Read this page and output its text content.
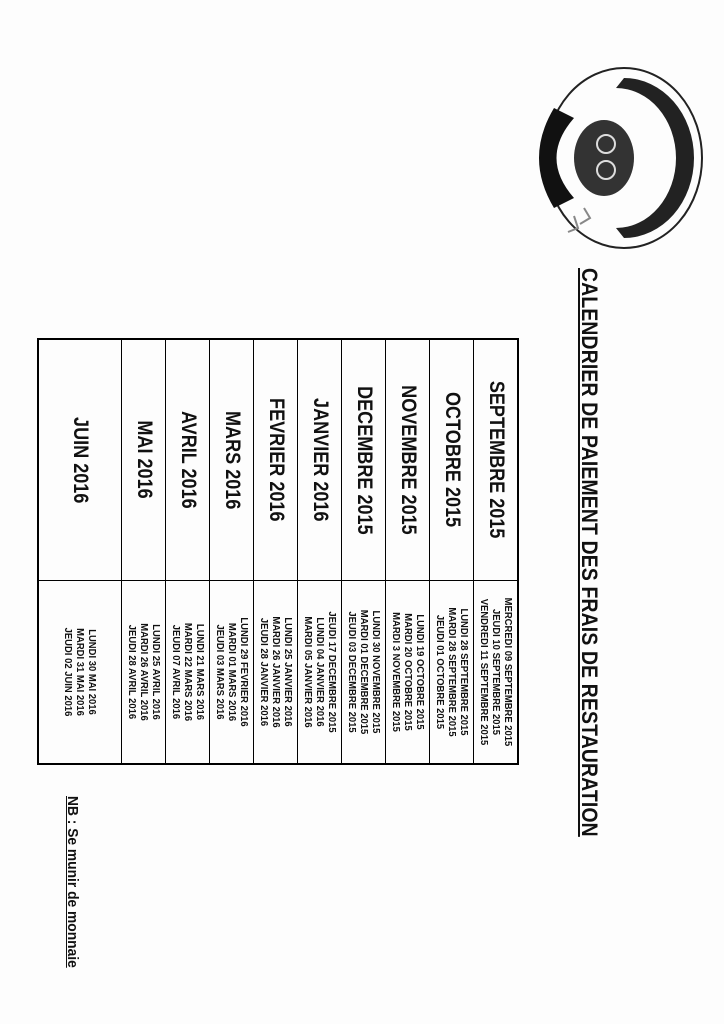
CALENDRIER DE PAIEMENT DES FRAIS DE RESTAURATION
SEPTEMBRE 2015	MERCREDI 09 SEPTEMBRE 2015
JEUDI 10 SEPTEMBRE 2015
VENDREDI 11 SEPTEMBRE 2015

OCTOBRE 2015	LUNDI 28 SEPTEMBRE 2015
MARDI 28 SEPTEMBRE 2015
JEUDI 01 OCTOBRE 2015

NOVEMBRE 2015	LUNDI 19 OCTOBRE 2015
MARDI 20 OCTOBRE 2015
MARDI 3 NOVEMBRE 2015

DECEMBRE 2015	LUNDI 30 NOVEMBRE 2015
MARDI 01 DECEMBRE 2015
JEUDI 03 DECEMBRE 2015

JANVIER 2016	JEUDI 17 DECEMBRE 2015
LUNDI 04 JANVIER 2016
MARDI 05 JANVIER 2016

FEVRIER 2016	LUNDI 25 JANVIER 2016
MARDI 26 JANVIER 2016
JEUDI 28 JANVIER 2016

MARS 2016	LUNDI 29 FEVRIER 2016
MARDI 01 MARS 2016
JEUDI 03 MARS 2016

AVRIL 2016	LUNDI 21 MARS 2016
MARDI 22 MARS 2016
JEUDI 07 AVRIL 2016

MAI 2016	LUNDI 25 AVRIL 2016
MARDI 26 AVRIL 2016
JEUDI 28 AVRIL 2016

JUIN 2016	LUNDI 30 MAI 2016
MARDI 31 MAI 2016
JEUDI 02 JUIN 2016
NB : Se munir de monnaie
